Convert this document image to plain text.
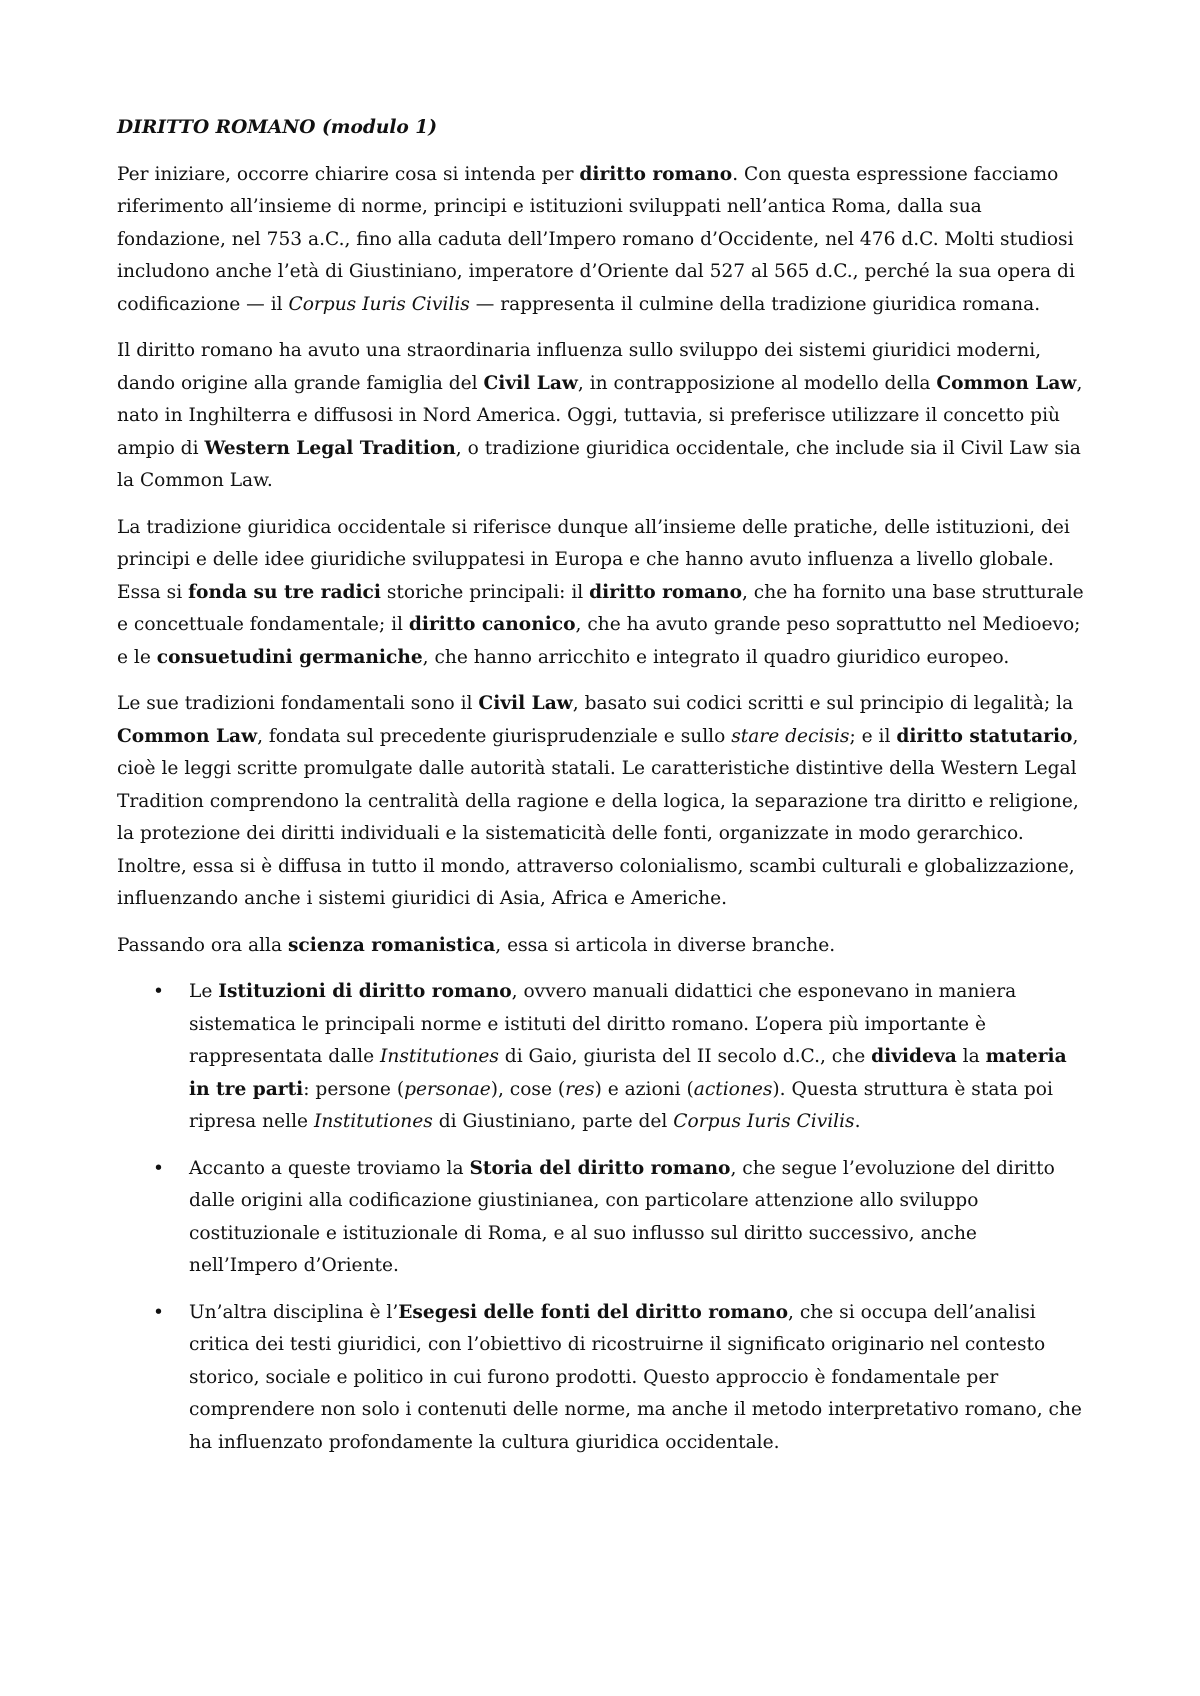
DIRITTO ROMANO (modulo 1)

Per iniziare, occorre chiarire cosa si intenda per diritto romano. Con questa espressione facciamo riferimento all’insieme di norme, principi e istituzioni sviluppati nell’antica Roma, dalla sua fondazione, nel 753 a.C., fino alla caduta dell’Impero romano d’Occidente, nel 476 d.C. Molti studiosi includono anche l’età di Giustiniano, imperatore d’Oriente dal 527 al 565 d.C., perché la sua opera di codificazione — il Corpus Iuris Civilis — rappresenta il culmine della tradizione giuridica romana.

Il diritto romano ha avuto una straordinaria influenza sullo sviluppo dei sistemi giuridici moderni, dando origine alla grande famiglia del Civil Law, in contrapposizione al modello della Common Law, nato in Inghilterra e diffusosi in Nord America. Oggi, tuttavia, si preferisce utilizzare il concetto più ampio di Western Legal Tradition, o tradizione giuridica occidentale, che include sia il Civil Law sia la Common Law.

La tradizione giuridica occidentale si riferisce dunque all’insieme delle pratiche, delle istituzioni, dei principi e delle idee giuridiche sviluppatesi in Europa e che hanno avuto influenza a livello globale. Essa si fonda su tre radici storiche principali: il diritto romano, che ha fornito una base strutturale e concettuale fondamentale; il diritto canonico, che ha avuto grande peso soprattutto nel Medioevo; e le consuetudini germaniche, che hanno arricchito e integrato il quadro giuridico europeo.

Le sue tradizioni fondamentali sono il Civil Law, basato sui codici scritti e sul principio di legalità; la Common Law, fondata sul precedente giurisprudenziale e sullo stare decisis; e il diritto statutario, cioè le leggi scritte promulgate dalle autorità statali. Le caratteristiche distintive della Western Legal Tradition comprendono la centralità della ragione e della logica, la separazione tra diritto e religione, la protezione dei diritti individuali e la sistematicità delle fonti, organizzate in modo gerarchico. Inoltre, essa si è diffusa in tutto il mondo, attraverso colonialismo, scambi culturali e globalizzazione, influenzando anche i sistemi giuridici di Asia, Africa e Americhe.

Passando ora alla scienza romanistica, essa si articola in diverse branche.

• Le Istituzioni di diritto romano, ovvero manuali didattici che esponevano in maniera sistematica le principali norme e istituti del diritto romano. L’opera più importante è rappresentata dalle Institutiones di Gaio, giurista del II secolo d.C., che divideva la materia in tre parti: persone (personae), cose (res) e azioni (actiones). Questa struttura è stata poi ripresa nelle Institutiones di Giustiniano, parte del Corpus Iuris Civilis.
• Accanto a queste troviamo la Storia del diritto romano, che segue l’evoluzione del diritto dalle origini alla codificazione giustinianea, con particolare attenzione allo sviluppo costituzionale e istituzionale di Roma, e al suo influsso sul diritto successivo, anche nell’Impero d’Oriente.
• Un’altra disciplina è l’Esegesi delle fonti del diritto romano, che si occupa dell’analisi critica dei testi giuridici, con l’obiettivo di ricostruirne il significato originario nel contesto storico, sociale e politico in cui furono prodotti. Questo approccio è fondamentale per comprendere non solo i contenuti delle norme, ma anche il metodo interpretativo romano, che ha influenzato profondamente la cultura giuridica occidentale.
